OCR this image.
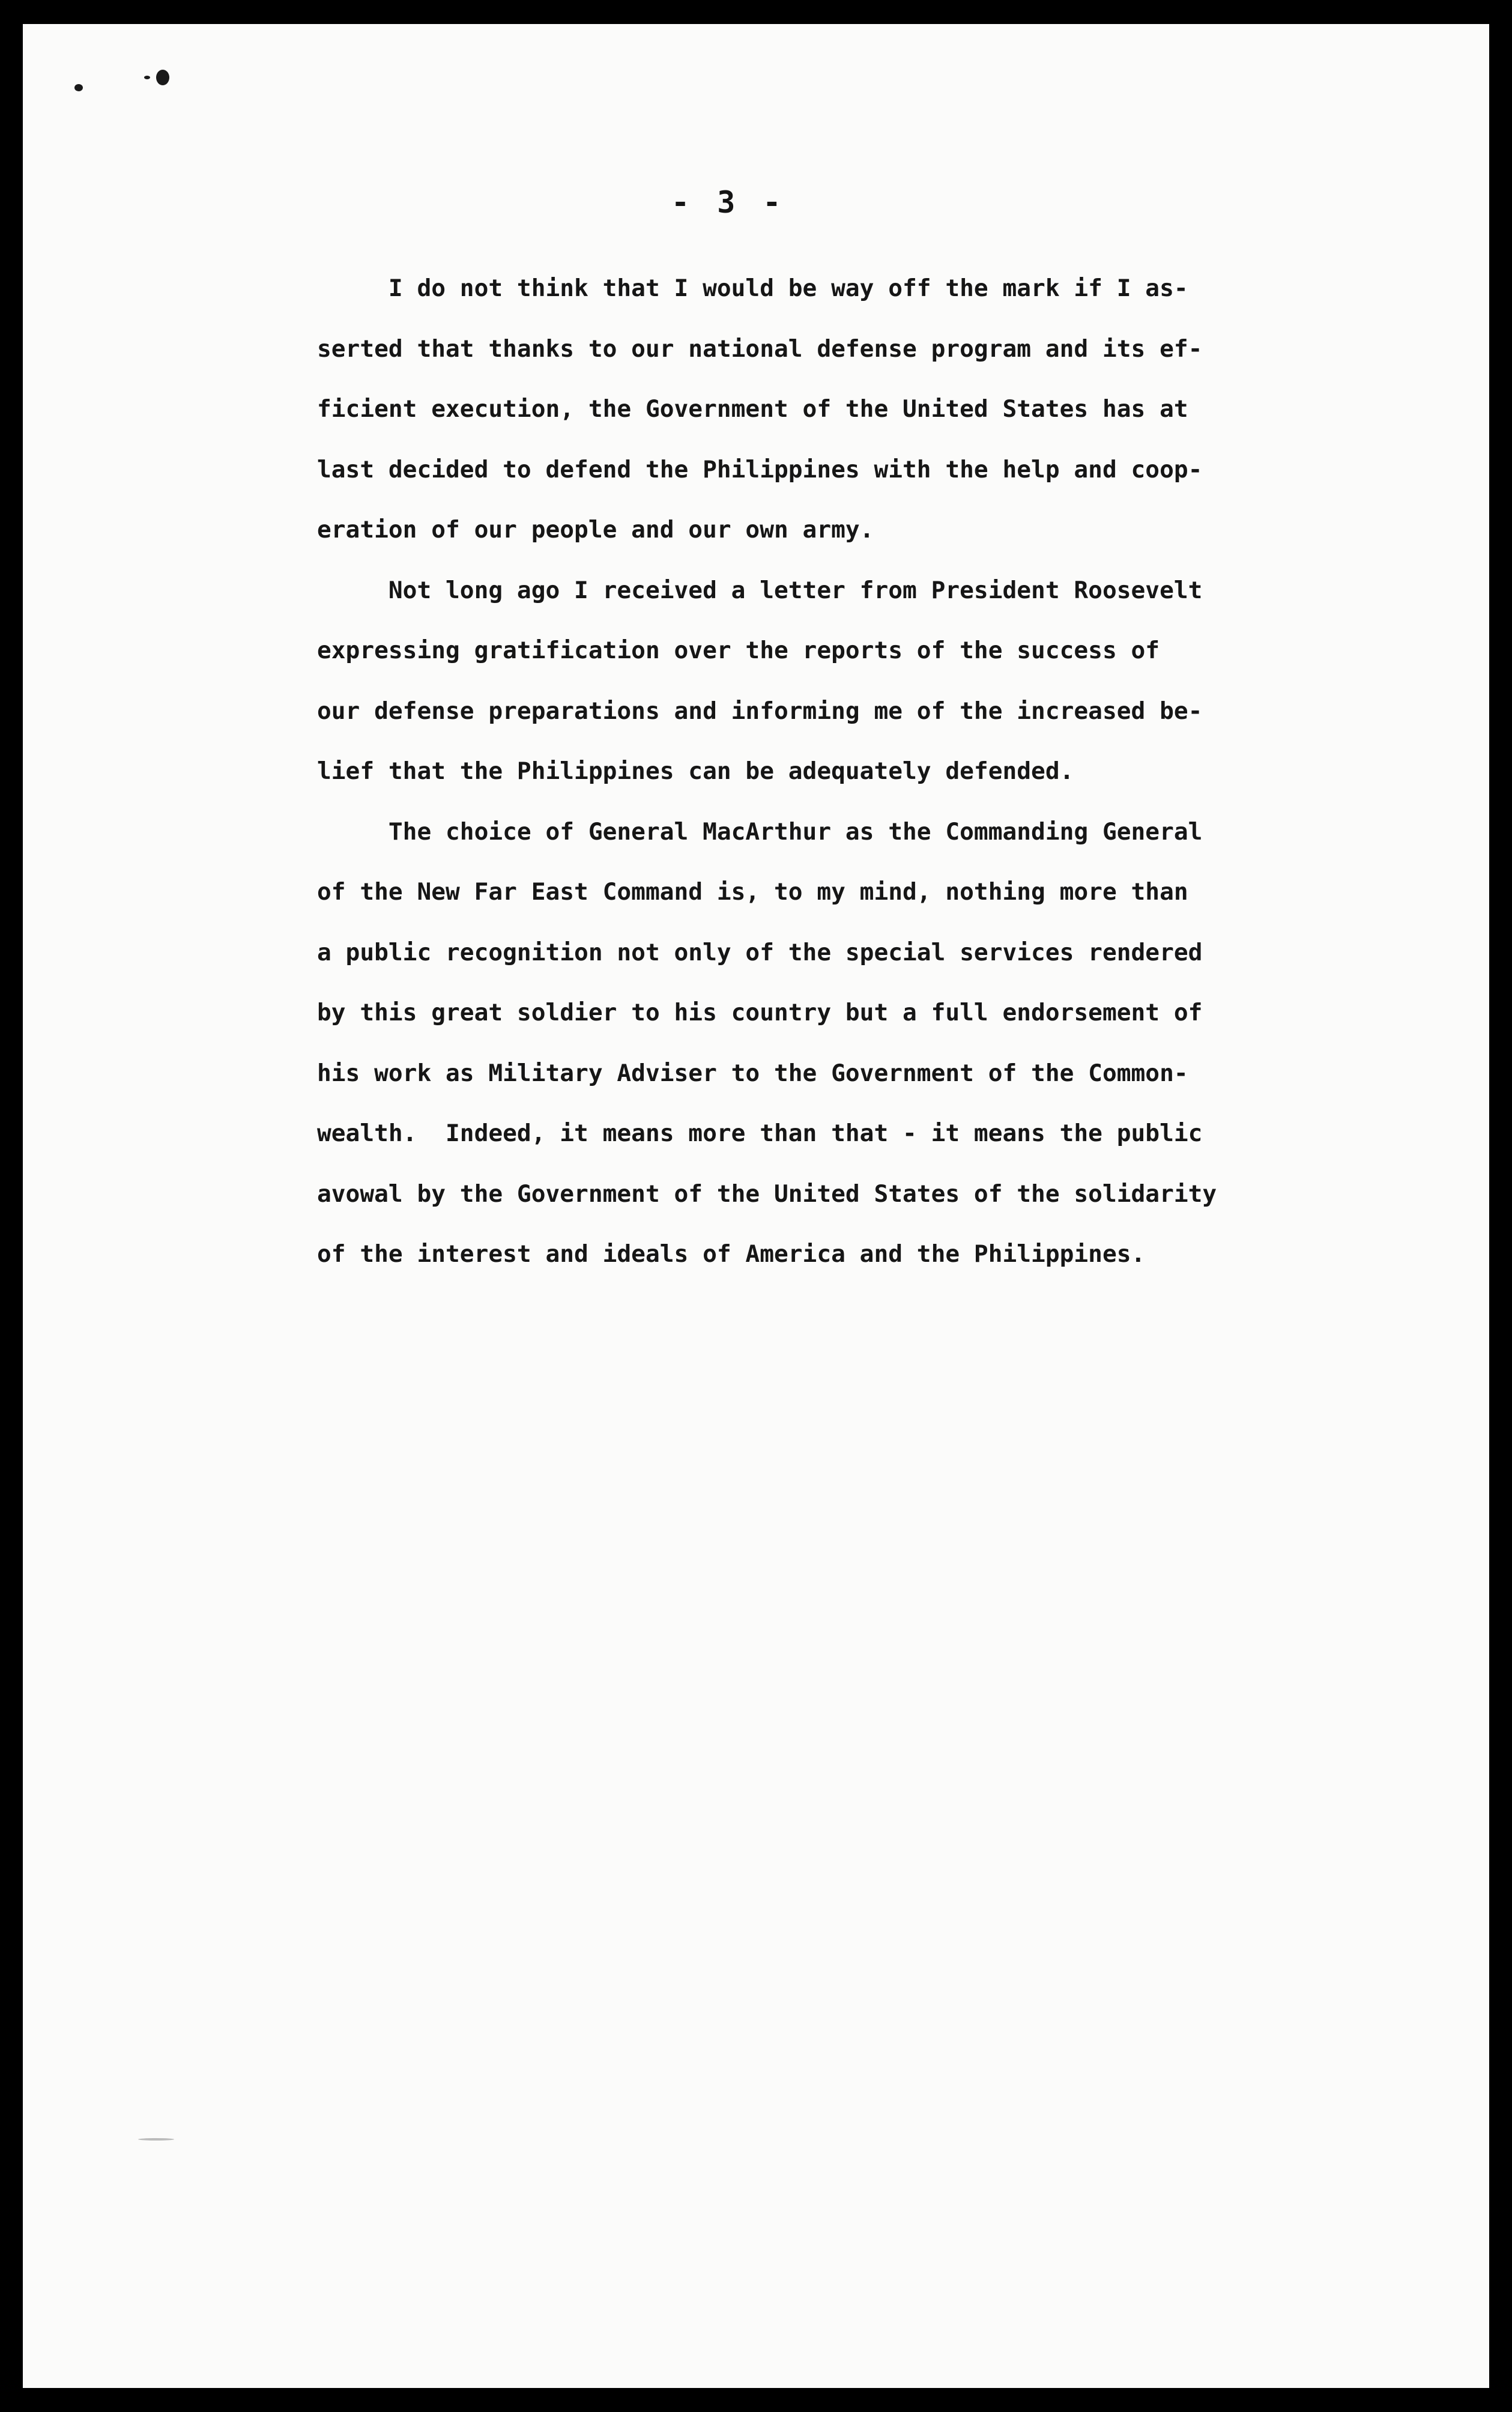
- 3 -
I do not think that I would be way off the mark if I as-
serted that thanks to our national defense program and its ef-
ficient execution, the Government of the United States has at
last decided to defend the Philippines with the help and coop-
eration of our people and our own army.
Not long ago I received a letter from President Roosevelt
expressing gratification over the reports of the success of
our defense preparations and informing me of the increased be-
lief that the Philippines can be adequately defended.
The choice of General MacArthur as the Commanding General
of the New Far East Command is, to my mind, nothing more than
a public recognition not only of the special services rendered
by this great soldier to his country but a full endorsement of
his work as Military Adviser to the Government of the Common-
wealth.  Indeed, it means more than that - it means the public
avowal by the Government of the United States of the solidarity
of the interest and ideals of America and the Philippines.
